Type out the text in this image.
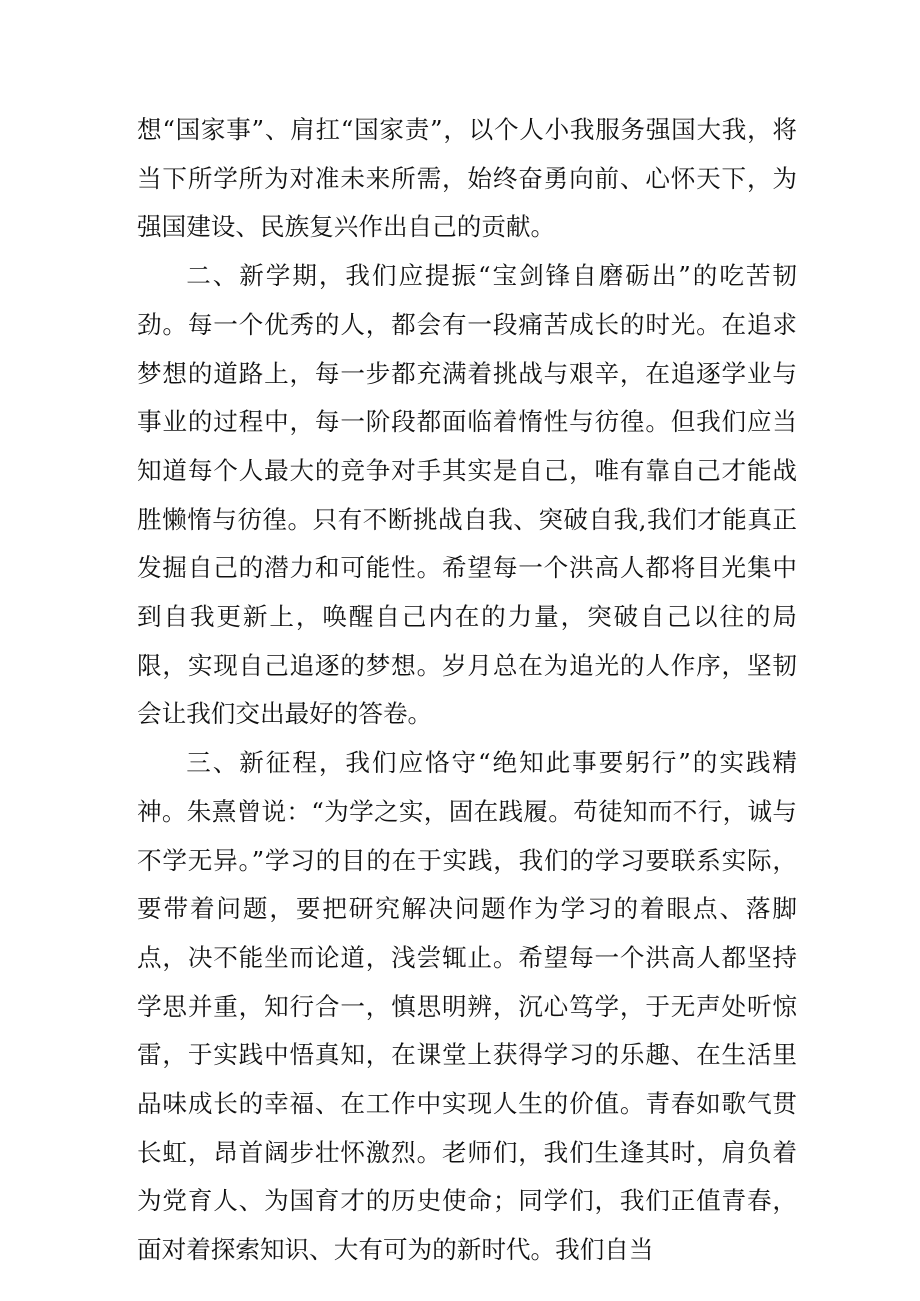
想“国家事”、肩扛“国家责”，以个人小我服务强国大我，将当下所学所为对准未来所需，始终奋勇向前、心怀天下，为强国建设、民族复兴作出自己的贡献。

二、新学期，我们应提振“宝剑锋自磨砺出”的吃苦韧劲。每一个优秀的人，都会有一段痛苦成长的时光。在追求梦想的道路上，每一步都充满着挑战与艰辛，在追逐学业与事业的过程中，每一阶段都面临着惰性与彷徨。但我们应当知道每个人最大的竞争对手其实是自己，唯有靠自己才能战胜懒惰与彷徨。只有不断挑战自我、突破自我,我们才能真正发掘自己的潜力和可能性。希望每一个洪高人都将目光集中到自我更新上，唤醒自己内在的力量，突破自己以往的局限，实现自己追逐的梦想。岁月总在为追光的人作序，坚韧会让我们交出最好的答卷。

三、新征程，我们应恪守“绝知此事要躬行”的实践精神。朱熹曾说：“为学之实，固在践履。苟徒知而不行，诚与不学无异。”学习的目的在于实践，我们的学习要联系实际，要带着问题，要把研究解决问题作为学习的着眼点、落脚点，决不能坐而论道，浅尝辄止。希望每一个洪高人都坚持学思并重，知行合一，慎思明辨，沉心笃学，于无声处听惊雷，于实践中悟真知，在课堂上获得学习的乐趣、在生活里品味成长的幸福、在工作中实现人生的价值。青春如歌气贯长虹，昂首阔步壮怀激烈。老师们，我们生逢其时，肩负着为党育人、为国育才的历史使命；同学们，我们正值青春，面对着探索知识、大有可为的新时代。我们自当
